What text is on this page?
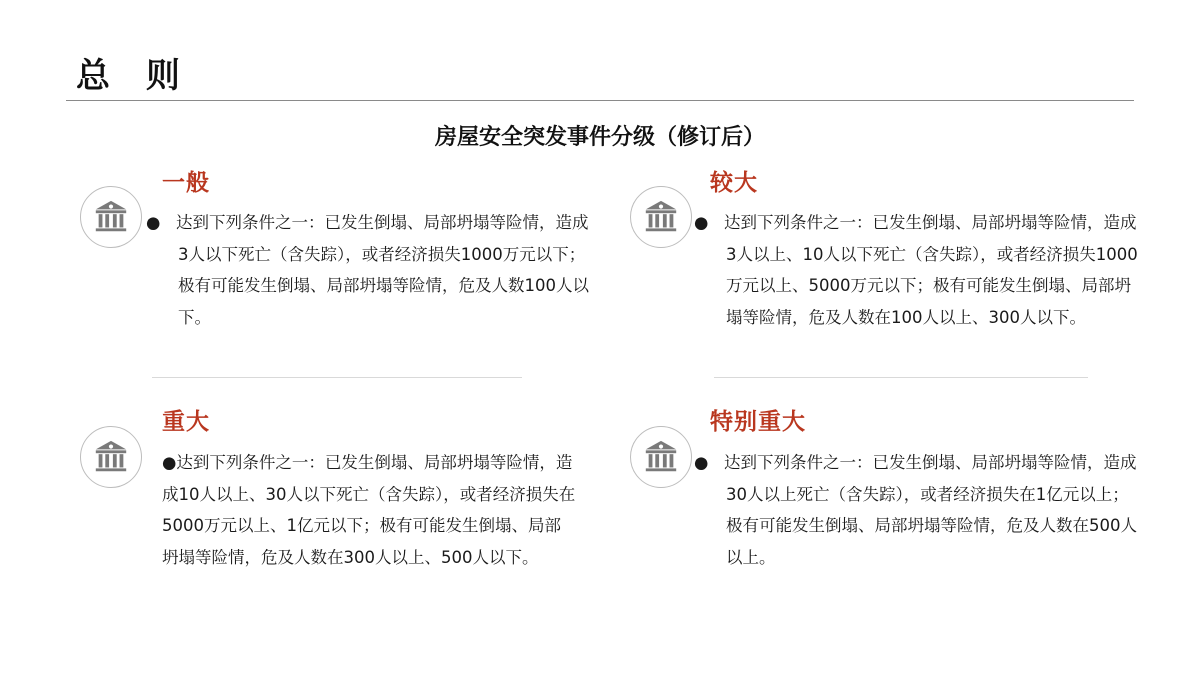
总 则
房屋安全突发事件分级（修订后）
一般
● 达到下列条件之一：已发生倒塌、局部坍塌等险情，造成3人以下死亡（含失踪），或者经济损失1000万元以下；极有可能发生倒塌、局部坍塌等险情，危及人数100人以下。
较大
● 达到下列条件之一：已发生倒塌、局部坍塌等险情，造成3人以上、10人以下死亡（含失踪），或者经济损失1000万元以上、5000万元以下；极有可能发生倒塌、局部坍塌等险情，危及人数在100人以上、300人以下。
重大
●达到下列条件之一：已发生倒塌、局部坍塌等险情，造成10人以上、30人以下死亡（含失踪），或者经济损失在5000万元以上、1亿元以下；极有可能发生倒塌、局部坍塌等险情，危及人数在300人以上、500人以下。
特别重大
● 达到下列条件之一：已发生倒塌、局部坍塌等险情，造成30人以上死亡（含失踪），或者经济损失在1亿元以上；极有可能发生倒塌、局部坍塌等险情，危及人数在500人以上。
